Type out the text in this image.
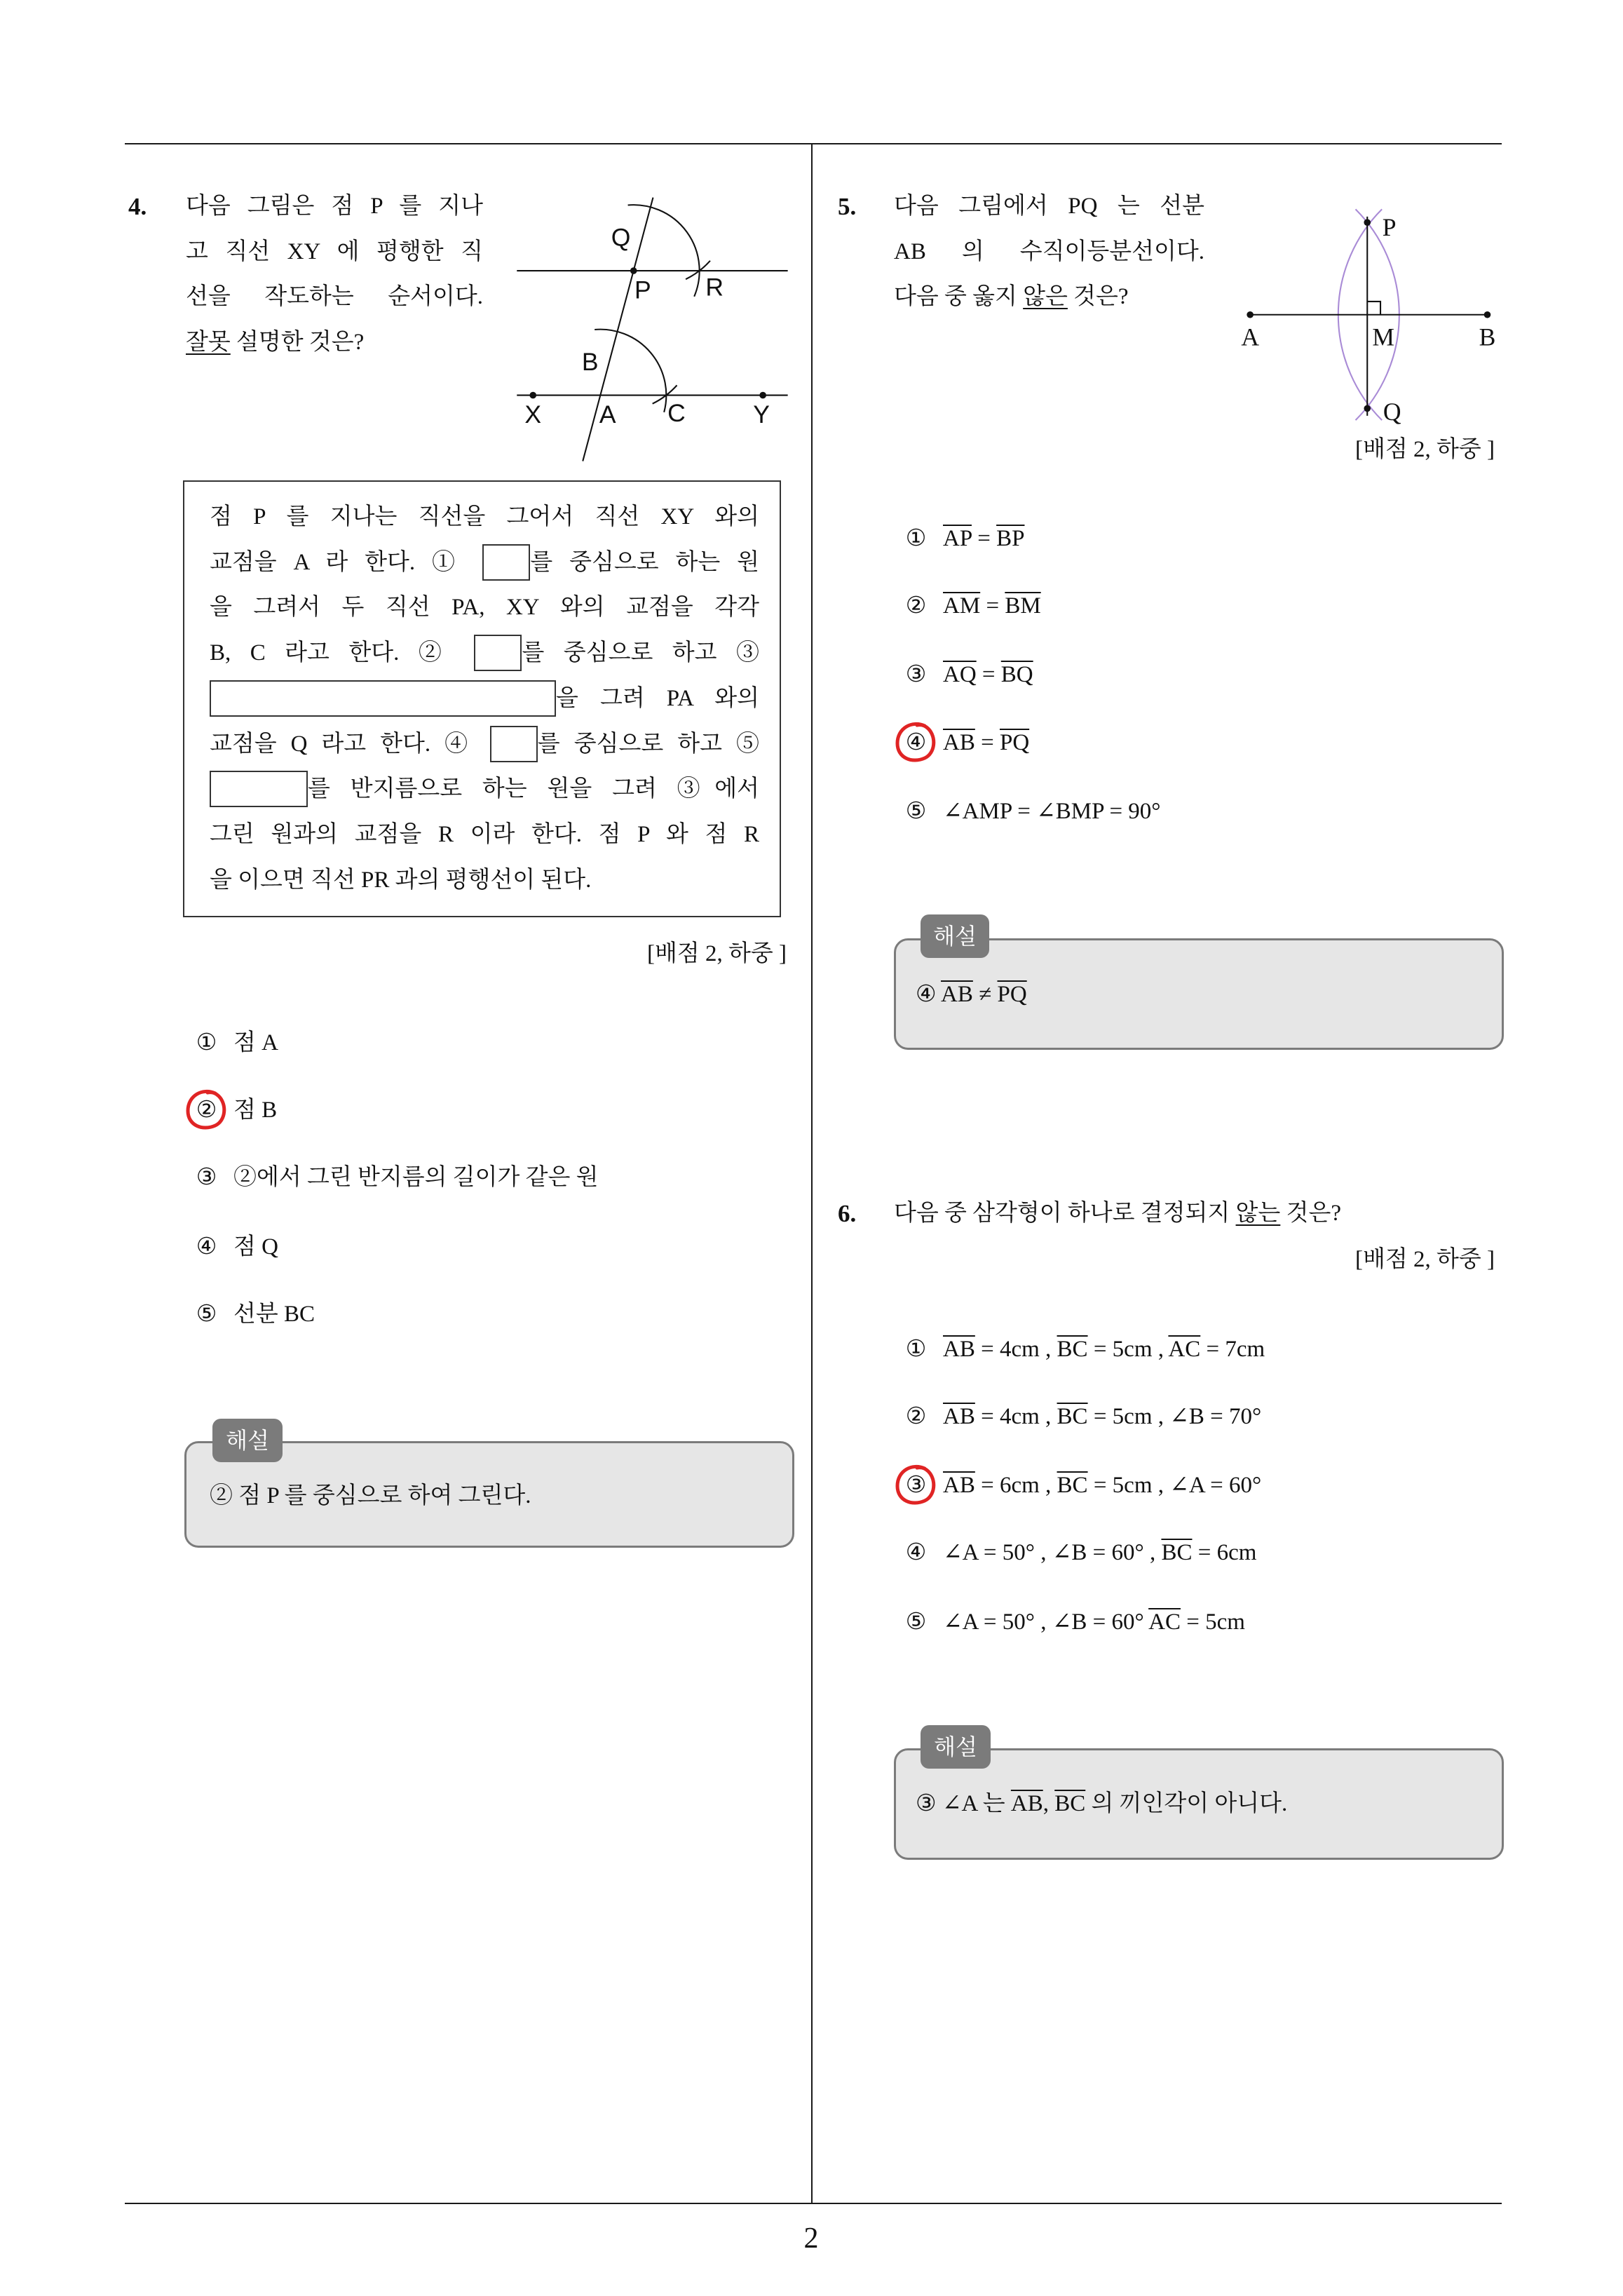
4. 다음 그림은 점 P 를 지나
고 직선 XY 에 평행한 직
선을 작도하는 순서이다.
잘못 설명한 것은?
Q
P	R
B
X	A	C	Y
점 P 를 지나는 직선을 그어서 직선 XY 와의
교점을 A 라 한다. ① 를 중심으로 하는 원
을 그려서 두 직선 PA, XY 와의 교점을 각각
B, C 라고 한다. ② 를 중심으로 하고 ③
을 그려 PA 와의
교점을 Q 라고 한다. ④ 를 중심으로 하고 ⑤
를 반지름으로 하는 원을 그려 ③에서
그린 원과의 교점을 R 이라 한다. 점 P 와 점 R
을 이으면 직선 PR 과의 평행선이 된다.
[배점 2, 하중 ]
① 점 A
② 점 B
③ ②에서 그린 반지름의 길이가 같은 원
④ 점 Q
⑤ 선분 BC
해설
② 점 P 를 중심으로 하여 그린다.
5. 다음 그림에서 PQ 는 선분
AB 의 수직이등분선이다.
다음 중 옳지 않은 것은?
P
A	M	B
Q
[배점 2, 하중 ]
① $\overline{AP} = \overline{BP}$
② $\overline{AM} = \overline{BM}$
③ $\overline{AQ} = \overline{BQ}$
④ $\overline{AB} = \overline{PQ}$
⑤ ∠AMP = ∠BMP = 90°
해설
④ $\overline{AB} \ne \overline{PQ}$
6. 다음 중 삼각형이 하나로 결정되지 않는 것은?
[배점 2, 하중 ]
① $\overline{AB} = 4cm$ , $\overline{BC} = 5cm$ , $\overline{AC} = 7cm$
② $\overline{AB} = 4cm$ , $\overline{BC} = 5cm$ , ∠B = 70°
③ $\overline{AB} = 6cm$ , $\overline{BC} = 5cm$ , ∠A = 60°
④ ∠A = 50° , ∠B = 60° , $\overline{BC} = 6cm$
⑤ ∠A = 50° , ∠B = 60° $\overline{AC} = 5cm$
해설
③ ∠A 는 $\overline{AB}$, $\overline{BC}$ 의 끼인각이 아니다.
2
